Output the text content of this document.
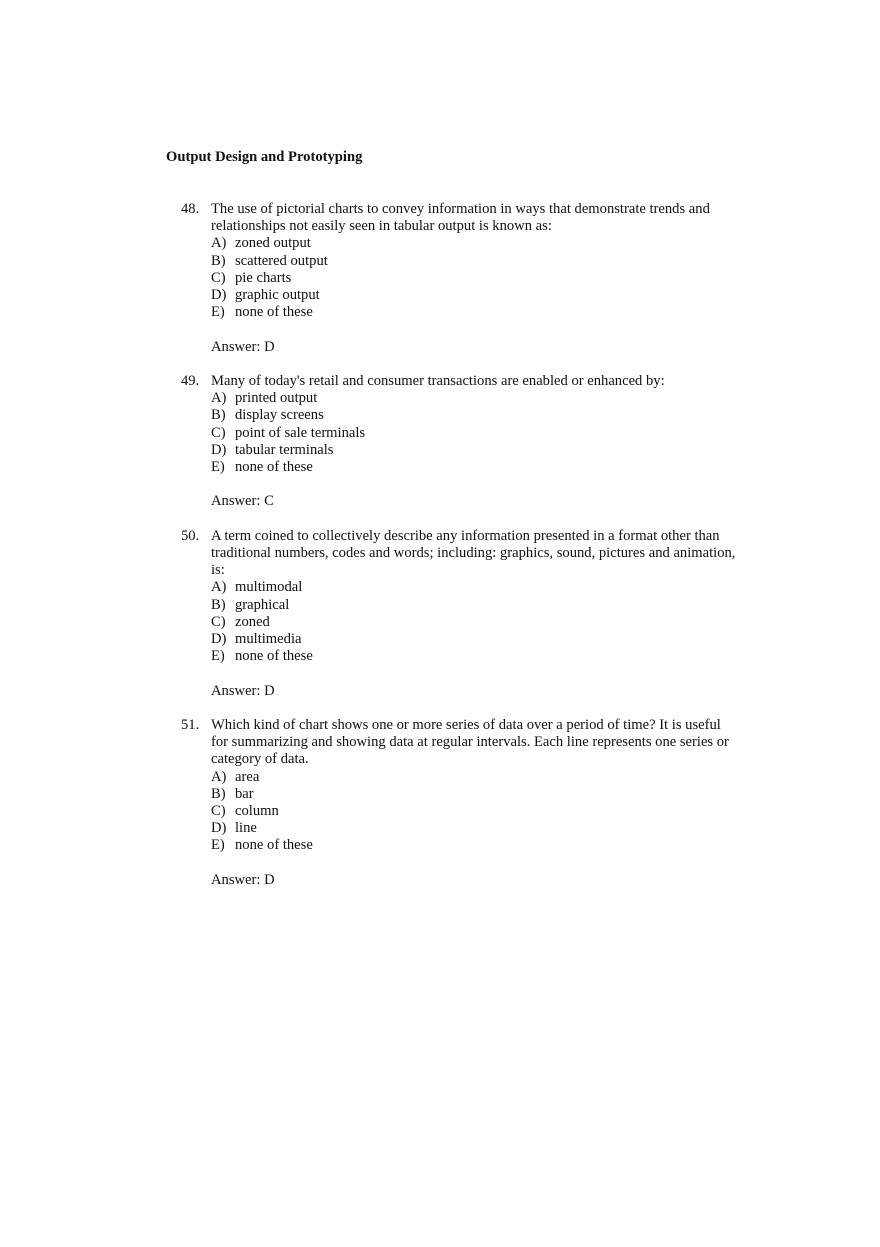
Output Design and Prototyping
48. The use of pictorial charts to convey information in ways that demonstrate trends and relationships not easily seen in tabular output is known as:

A) zoned output
B) scattered output
C) pie charts
D) graphic output
E) none of these
Answer: D
49. Many of today's retail and consumer transactions are enabled or enhanced by:

A) printed output
B) display screens
C) point of sale terminals
D) tabular terminals
E) none of these
Answer: C
50. A term coined to collectively describe any information presented in a format other than traditional numbers, codes and words; including: graphics, sound, pictures and animation, is:

A) multimodal
B) graphical
C) zoned
D) multimedia
E) none of these
Answer: D
51. Which kind of chart shows one or more series of data over a period of time? It is useful for summarizing and showing data at regular intervals. Each line represents one series or category of data.

A) area
B) bar
C) column
D) line
E) none of these
Answer: D
